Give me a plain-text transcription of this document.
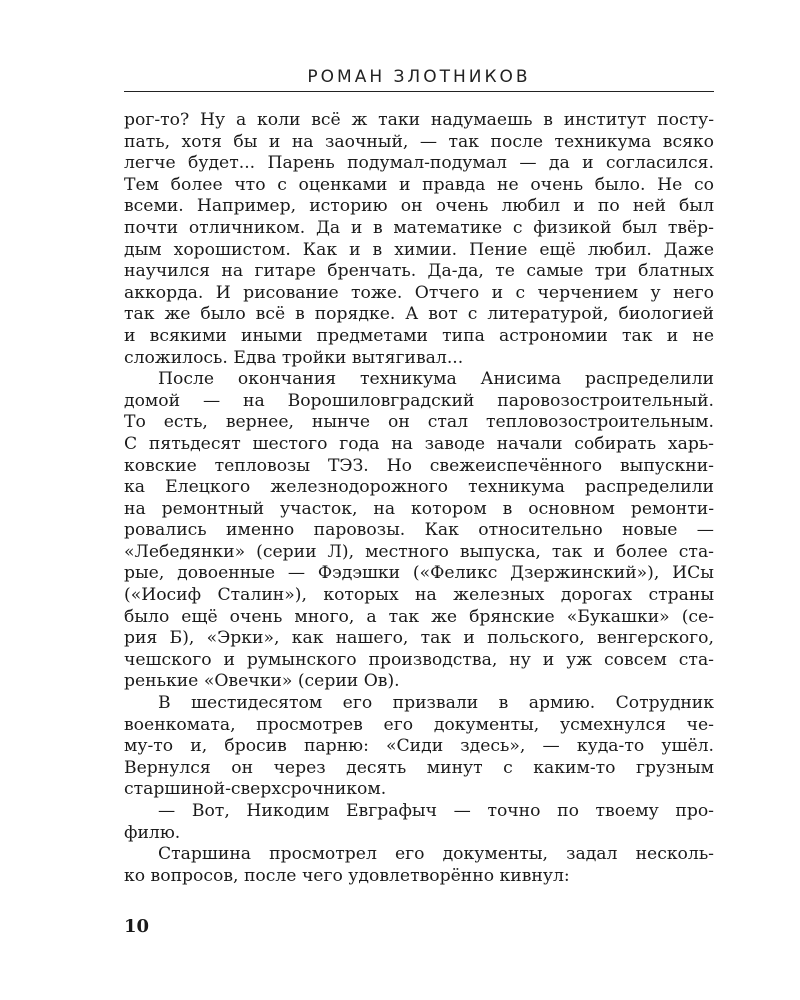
РОМАН ЗЛОТНИКОВ
рог-то? Ну а коли всё ж таки надумаешь в институт посту-
пать, хотя бы и на заочный, — так после техникума всяко
легче будет... Парень подумал-подумал — да и согласился.
Тем более что с оценками и правда не очень было. Не со
всеми. Например, историю он очень любил и по ней был
почти отличником. Да и в математике с физикой был твёр-
дым хорошистом. Как и в химии. Пение ещё любил. Даже
научился на гитаре бренчать. Да-да, те самые три блатных
аккорда. И рисование тоже. Отчего и с черчением у него
так же было всё в порядке. А вот с литературой, биологией
и всякими иными предметами типа астрономии так и не
сложилось. Едва тройки вытягивал...
После окончания техникума Анисима распределили
домой — на Ворошиловградский паровозостроительный.
То есть, вернее, нынче он стал тепловозостроительным.
С пятьдесят шестого года на заводе начали собирать харь-
ковские тепловозы ТЭЗ. Но свежеиспечённого выпускни-
ка Елецкого железнодорожного техникума распределили
на ремонтный участок, на котором в основном ремонти-
ровались именно паровозы. Как относительно новые —
«Лебедянки» (серии Л), местного выпуска, так и более ста-
рые, довоенные — Фэдэшки («Феликс Дзержинский»), ИСы
(«Иосиф Сталин»), которых на железных дорогах страны
было ещё очень много, а так же брянские «Букашки» (се-
рия Б), «Эрки», как нашего, так и польского, венгерского,
чешского и румынского производства, ну и уж совсем ста-
ренькие «Овечки» (серии Ов).
В шестидесятом его призвали в армию. Сотрудник
военкомата, просмотрев его документы, усмехнулся че-
му-то и, бросив парню: «Сиди здесь», — куда-то ушёл.
Вернулся он через десять минут с каким-то грузным
старшиной-сверхсрочником.
— Вот, Никодим Евграфыч — точно по твоему про-
филю.
Старшина просмотрел его документы, задал несколь-
ко вопросов, после чего удовлетворённо кивнул:
10
